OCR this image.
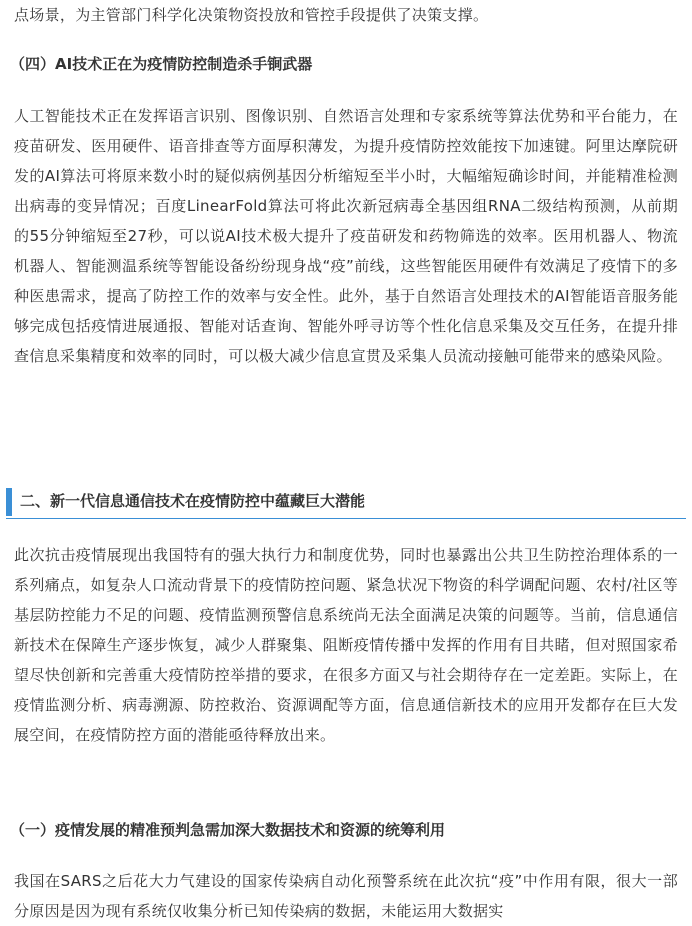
点场景，为主管部门科学化决策物资投放和管控手段提供了决策支撑。

（四）AI技术正在为疫情防控制造杀手锏武器

人工智能技术正在发挥语言识别、图像识别、自然语言处理和专家系统等算法优势和平台能力，在疫苗研发、医用硬件、语音排查等方面厚积薄发，为提升疫情防控效能按下加速键。阿里达摩院研发的AI算法可将原来数小时的疑似病例基因分析缩短至半小时，大幅缩短确诊时间，并能精准检测出病毒的变异情况；百度LinearFold算法可将此次新冠病毒全基因组RNA二级结构预测，从前期的55分钟缩短至27秒，可以说AI技术极大提升了疫苗研发和药物筛选的效率。医用机器人、物流机器人、智能测温系统等智能设备纷纷现身战“疫”前线，这些智能医用硬件有效满足了疫情下的多种医患需求，提高了防控工作的效率与安全性。此外，基于自然语言处理技术的AI智能语音服务能够完成包括疫情进展通报、智能对话查询、智能外呼寻访等个性化信息采集及交互任务，在提升排查信息采集精度和效率的同时，可以极大减少信息宣贯及采集人员流动接触可能带来的感染风险。

二、新一代信息通信技术在疫情防控中蕴藏巨大潜能

此次抗击疫情展现出我国特有的强大执行力和制度优势，同时也暴露出公共卫生防控治理体系的一系列痛点，如复杂人口流动背景下的疫情防控问题、紧急状况下物资的科学调配问题、农村/社区等基层防控能力不足的问题、疫情监测预警信息系统尚无法全面满足决策的问题等。当前，信息通信新技术在保障生产逐步恢复，减少人群聚集、阻断疫情传播中发挥的作用有目共睹，但对照国家希望尽快创新和完善重大疫情防控举措的要求，在很多方面又与社会期待存在一定差距。实际上，在疫情监测分析、病毒溯源、防控救治、资源调配等方面，信息通信新技术的应用开发都存在巨大发展空间，在疫情防控方面的潜能亟待释放出来。

（一）疫情发展的精准预判急需加深大数据技术和资源的统筹利用

我国在SARS之后花大力气建设的国家传染病自动化预警系统在此次抗“疫”中作用有限，很大一部分原因是因为现有系统仅收集分析已知传染病的数据，未能运用大数据实
